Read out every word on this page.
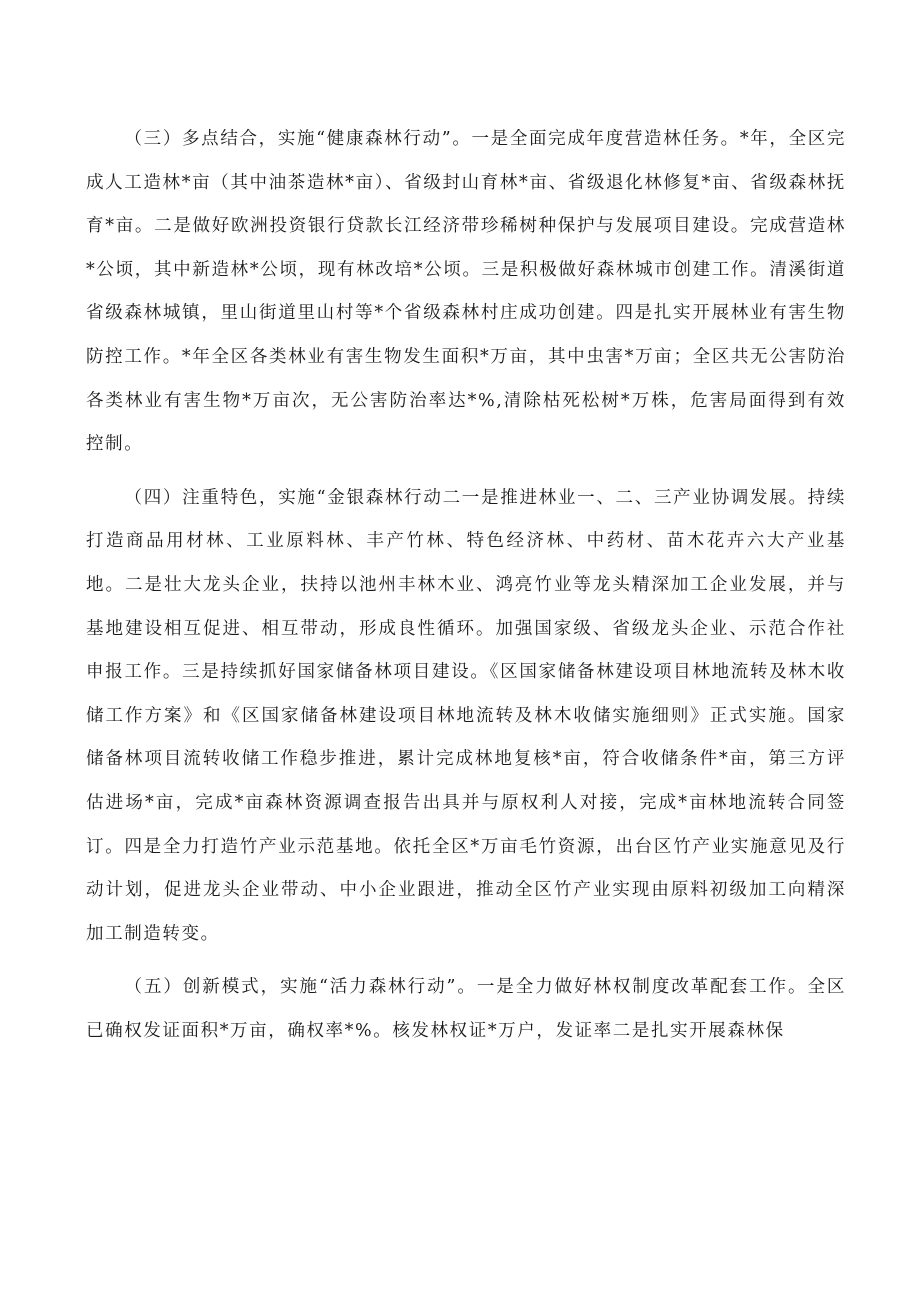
（三）多点结合，实施“健康森林行动”。一是全面完成年度营造林任务。*年，全区完成人工造林*亩（其中油茶造林*亩）、省级封山育林*亩、省级退化林修复*亩、省级森林抚育*亩。二是做好欧洲投资银行贷款长江经济带珍稀树种保护与发展项目建设。完成营造林*公顷，其中新造林*公顷，现有林改培*公顷。三是积极做好森林城市创建工作。清溪街道省级森林城镇，里山街道里山村等*个省级森林村庄成功创建。四是扎实开展林业有害生物防控工作。*年全区各类林业有害生物发生面积*万亩，其中虫害*万亩；全区共无公害防治各类林业有害生物*万亩次，无公害防治率达*%,清除枯死松树*万株，危害局面得到有效控制。

（四）注重特色，实施“金银森林行动二一是推进林业一、二、三产业协调发展。持续打造商品用材林、工业原料林、丰产竹林、特色经济林、中药材、苗木花卉六大产业基地。二是壮大龙头企业，扶持以池州丰林木业、鸿亮竹业等龙头精深加工企业发展，并与基地建设相互促进、相互带动，形成良性循环。加强国家级、省级龙头企业、示范合作社申报工作。三是持续抓好国家储备林项目建设。《区国家储备林建设项目林地流转及林木收储工作方案》和《区国家储备林建设项目林地流转及林木收储实施细则》正式实施。国家储备林项目流转收储工作稳步推进，累计完成林地复核*亩，符合收储条件*亩，第三方评估进场*亩，完成*亩森林资源调查报告出具并与原权利人对接，完成*亩林地流转合同签订。四是全力打造竹产业示范基地。依托全区*万亩毛竹资源，出台区竹产业实施意见及行动计划，促进龙头企业带动、中小企业跟进，推动全区竹产业实现由原料初级加工向精深加工制造转变。

（五）创新模式，实施“活力森林行动”。一是全力做好林权制度改革配套工作。全区已确权发证面积*万亩，确权率*%。核发林权证*万户，发证率二是扎实开展森林保
